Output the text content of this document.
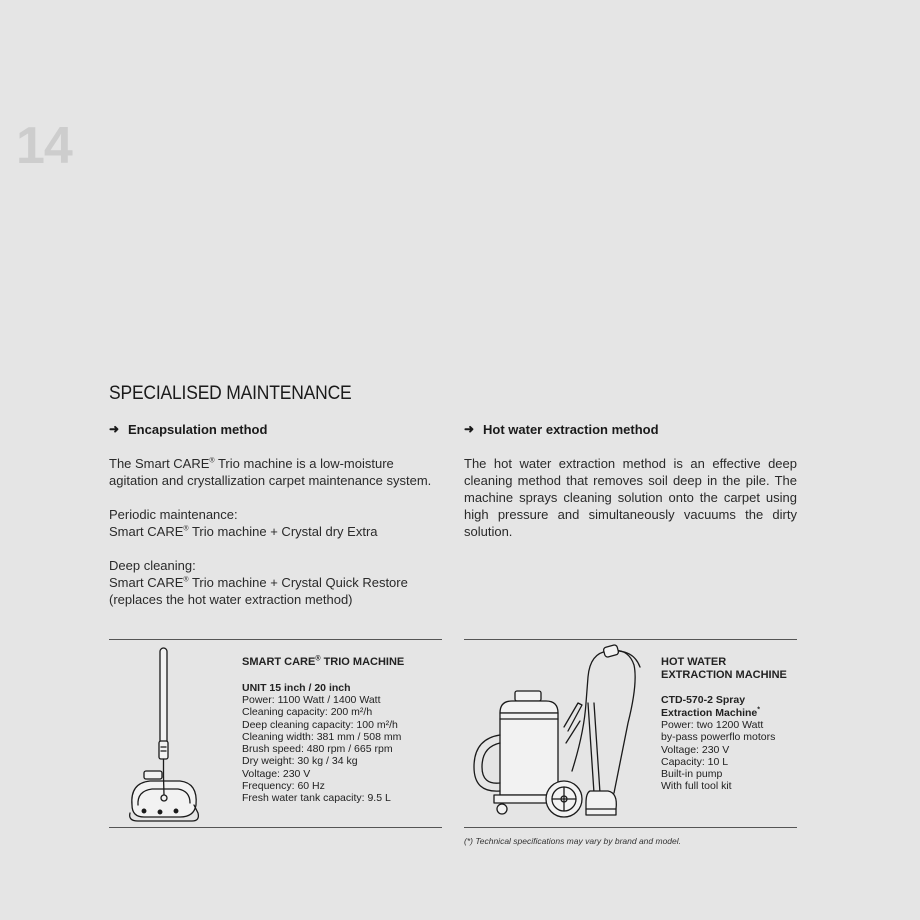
14
SPECIALISED MAINTENANCE
➜ Encapsulation method

The Smart CARE® Trio machine is a low-moisture agitation and crystallization carpet maintenance system.

Periodic maintenance:
Smart CARE® Trio machine + Crystal dry Extra

Deep cleaning:
Smart CARE® Trio machine + Crystal Quick Restore
(replaces the hot water extraction method)

➜ Hot water extraction method

The hot water extraction method is an effective deep cleaning method that removes soil deep in the pile. The machine sprays cleaning solution onto the carpet using high pressure and simultaneously vacuums the dirty solution.

SMART CARE® TRIO MACHINE

UNIT 15 inch / 20 inch

Power: 1100 Watt / 1400 Watt
Cleaning capacity: 200 m²/h
Deep cleaning capacity: 100 m²/h
Cleaning width: 381 mm / 508 mm
Brush speed: 480 rpm / 665 rpm
Dry weight: 30 kg / 34 kg
Voltage: 230 V
Frequency: 60 Hz
Fresh water tank capacity: 9.5 L

HOT WATER
EXTRACTION MACHINE

CTD-570-2 Spray
Extraction Machine*

Power: two 1200 Watt
by-pass powerflo motors
Voltage: 230 V
Capacity: 10 L
Built-in pump
With full tool kit
(*) Technical specifications may vary by brand and model.
